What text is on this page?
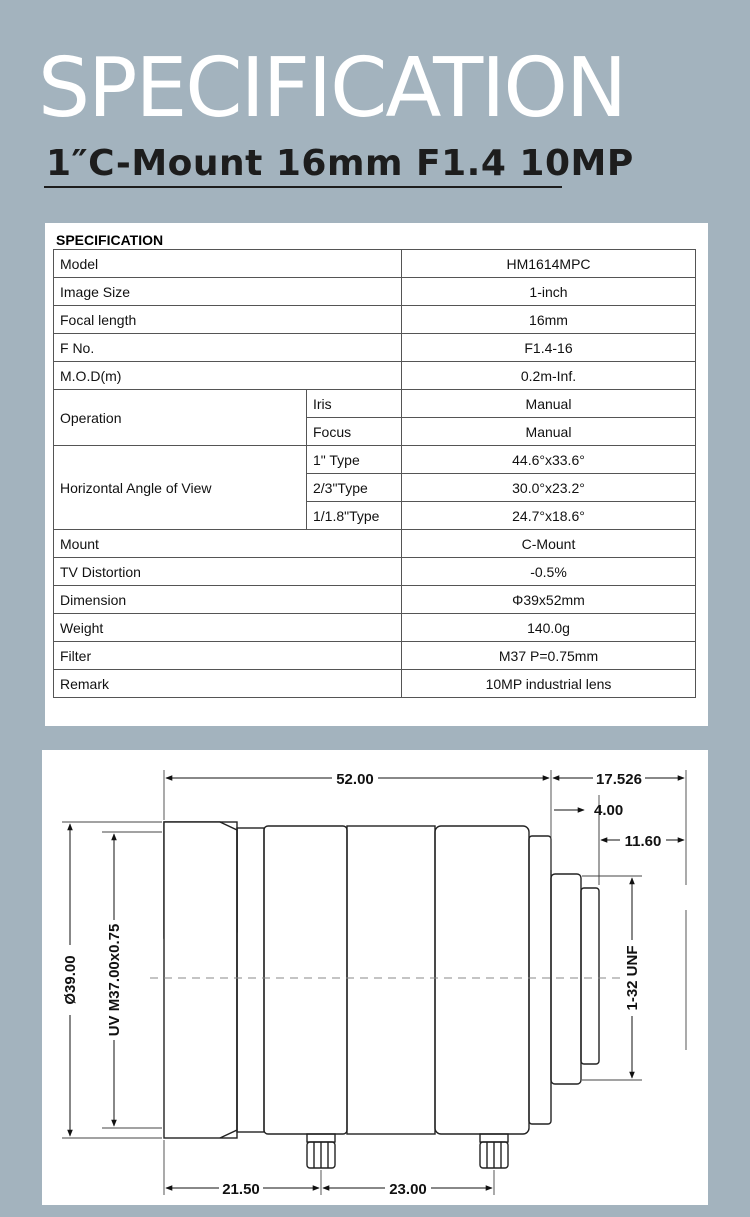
SPECIFICATION
1″C-Mount 16mm F1.4 10MP
SPECIFICATION
Model		HM1614MPC
Image Size		1-inch
Focal length		16mm
F No.		F1.4-16
M.O.D(m)		0.2m-Inf.
Operation	Iris	Manual
	Focus	Manual
Horizontal Angle of View	1" Type	44.6°x33.6°
	2/3"Type	30.0°x23.2°
	1/1.8"Type	24.7°x18.6°
Mount		C-Mount
TV Distortion		-0.5%
Dimension		Φ39x52mm
Weight		140.0g
Filter		M37 P=0.75mm
Remark		10MP industrial lens
52.00	17.526
4.00
11.60
Ø39.00 UV M37.00x0.75	1-32 UNF
21.50	23.00
